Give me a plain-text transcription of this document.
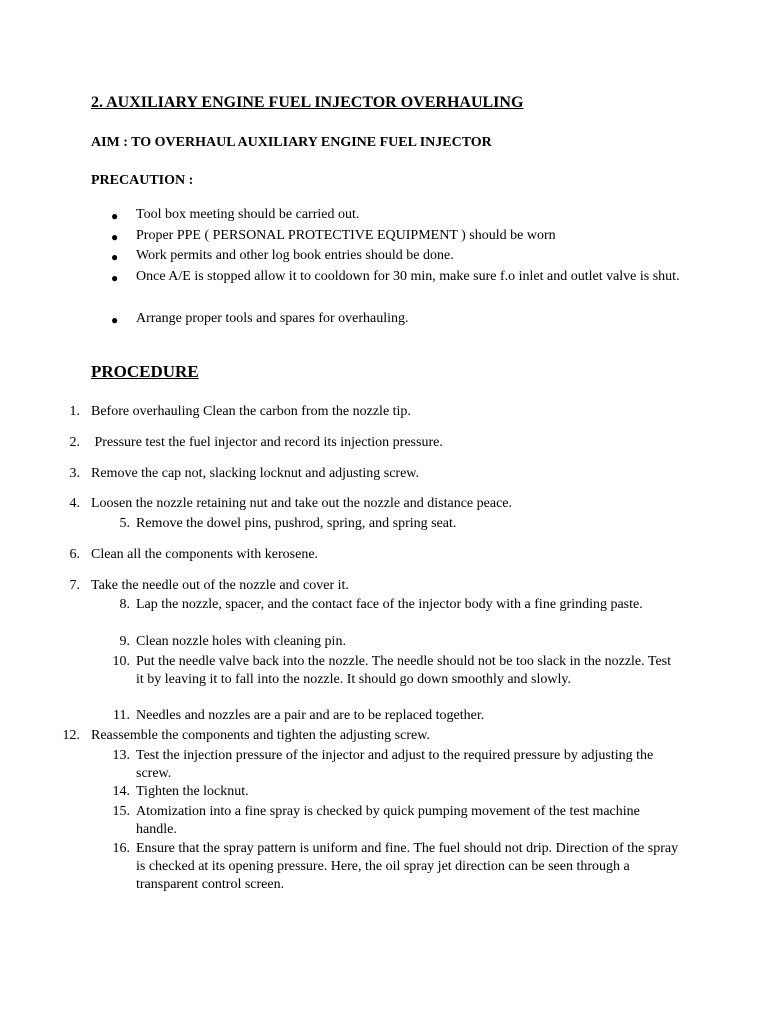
2. AUXILIARY ENGINE FUEL INJECTOR OVERHAULING
AIM : TO OVERHAUL AUXILIARY ENGINE FUEL INJECTOR
PRECAUTION :
● Tool box meeting should be carried out.
● Proper PPE ( PERSONAL PROTECTIVE EQUIPMENT ) should be worn
● Work permits and other log book entries should be done.
● Once A/E is stopped allow it to cooldown for 30 min, make sure f.o inlet and outlet valve is shut.
● Arrange proper tools and spares for overhauling.
PROCEDURE
1. Before overhauling Clean the carbon from the nozzle tip.
2. Pressure test the fuel injector and record its injection pressure.
3. Remove the cap not, slacking locknut and adjusting screw.
4. Loosen the nozzle retaining nut and take out the nozzle and distance peace.
5. Remove the dowel pins, pushrod, spring, and spring seat.
6. Clean all the components with kerosene.
7. Take the needle out of the nozzle and cover it.
8. Lap the nozzle, spacer, and the contact face of the injector body with a fine grinding paste.
9. Clean nozzle holes with cleaning pin.
10. Put the needle valve back into the nozzle. The needle should not be too slack in the nozzle. Test it by leaving it to fall into the nozzle. It should go down smoothly and slowly.
11. Needles and nozzles are a pair and are to be replaced together.
12. Reassemble the components and tighten the adjusting screw.
13. Test the injection pressure of the injector and adjust to the required pressure by adjusting the screw.
14. Tighten the locknut.
15. Atomization into a fine spray is checked by quick pumping movement of the test machine handle.
16. Ensure that the spray pattern is uniform and fine. The fuel should not drip. Direction of the spray is checked at its opening pressure. Here, the oil spray jet direction can be seen through a transparent control screen.
